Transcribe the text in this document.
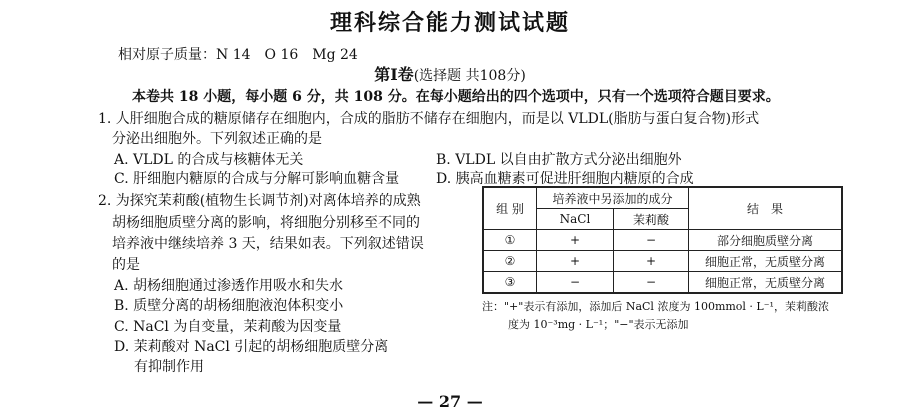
理科综合能力测试试题
相对原子质量：N 14　O 16　Mg 24
第Ⅰ卷(选择题 共108分)
本卷共 18 小题，每小题 6 分，共 108 分。在每小题给出的四个选项中，只有一个选项符合题目要求。
1. 人肝细胞合成的糖原储存在细胞内，合成的脂肪不储存在细胞内，而是以 VLDL(脂肪与蛋白复合物)形式
分泌出细胞外。下列叙述正确的是
A. VLDL 的合成与核糖体无关	B. VLDL 以自由扩散方式分泌出细胞外
C. 肝细胞内糖原的合成与分解可影响血糖含量	D. 胰高血糖素可促进肝细胞内糖原的合成
2. 为探究茉莉酸(植物生长调节剂)对离体培养的成熟
胡杨细胞质壁分离的影响，将细胞分别移至不同的
培养液中继续培养 3 天，结果如表。下列叙述错误
的是
A. 胡杨细胞通过渗透作用吸水和失水
B. 质壁分离的胡杨细胞液泡体积变小
C. NaCl 为自变量，茉莉酸为因变量
D. 茉莉酸对 NaCl 引起的胡杨细胞质壁分离
有抑制作用
组 别	培养液中另添加的成分		结　果
	NaCl	茉莉酸	
①	+	−	部分细胞质壁分离
②	+	+	细胞正常，无质壁分离
③	−	−	细胞正常，无质壁分离
注："+"表示有添加，添加后 NaCl 浓度为 100mmol · L⁻¹，茉莉酸浓
度为 10⁻³mg · L⁻¹；"−"表示无添加
— 27 —
